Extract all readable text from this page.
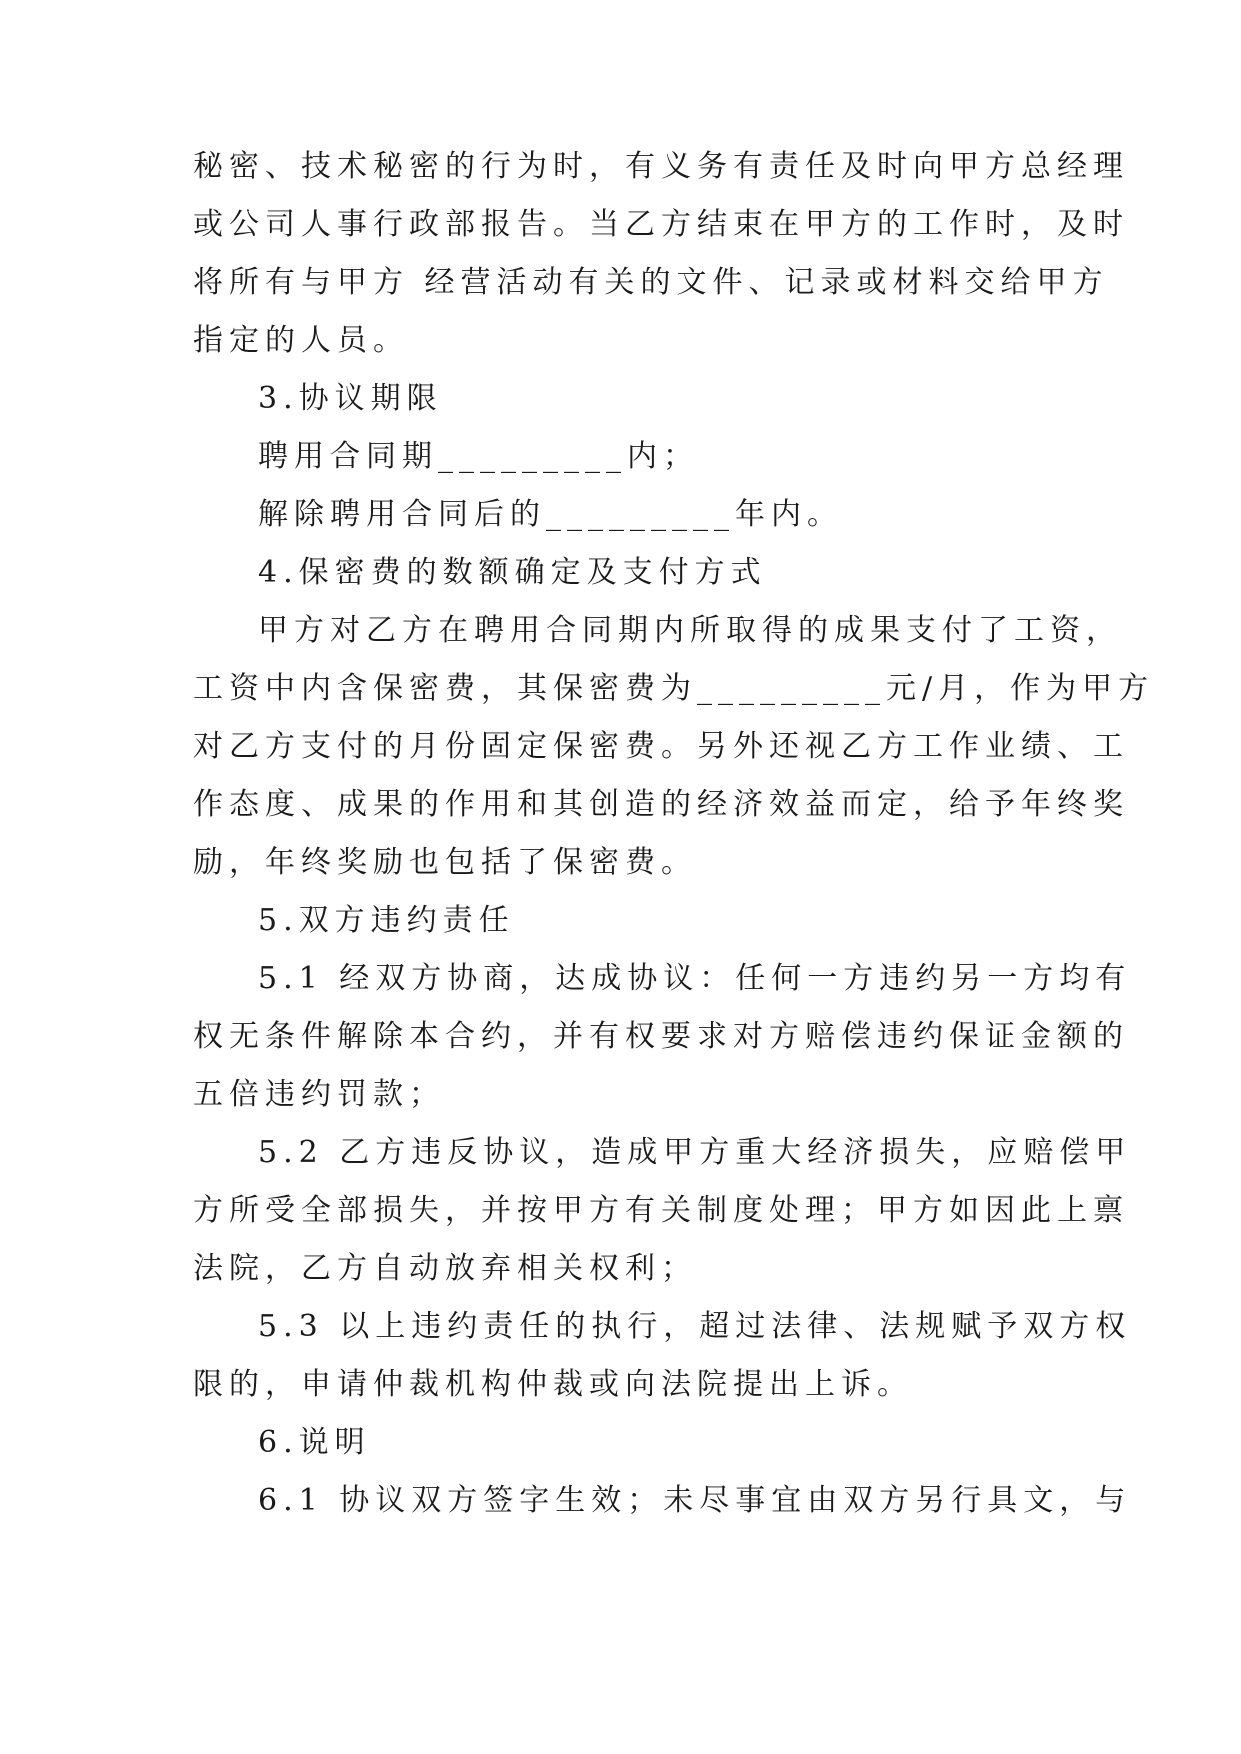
秘密、技术秘密的行为时，有义务有责任及时向甲方总经理

或公司人事行政部报告。当乙方结束在甲方的工作时，及时

将所有与甲方 经营活动有关的文件、记录或材料交给甲方

指定的人员。

3.协议期限

聘用合同期_________内；

解除聘用合同后的_________年内。

4.保密费的数额确定及支付方式

甲方对乙方在聘用合同期内所取得的成果支付了工资，

工资中内含保密费，其保密费为_________元/月，作为甲方

对乙方支付的月份固定保密费。另外还视乙方工作业绩、工

作态度、成果的作用和其创造的经济效益而定，给予年终奖

励，年终奖励也包括了保密费。

5.双方违约责任

5.1 经双方协商，达成协议：任何一方违约另一方均有

权无条件解除本合约，并有权要求对方赔偿违约保证金额的

五倍违约罚款；

5.2 乙方违反协议，造成甲方重大经济损失，应赔偿甲

方所受全部损失，并按甲方有关制度处理；甲方如因此上禀

法院，乙方自动放弃相关权利；

5.3 以上违约责任的执行，超过法律、法规赋予双方权

限的，申请仲裁机构仲裁或向法院提出上诉。

6.说明

6.1 协议双方签字生效；未尽事宜由双方另行具文，与
